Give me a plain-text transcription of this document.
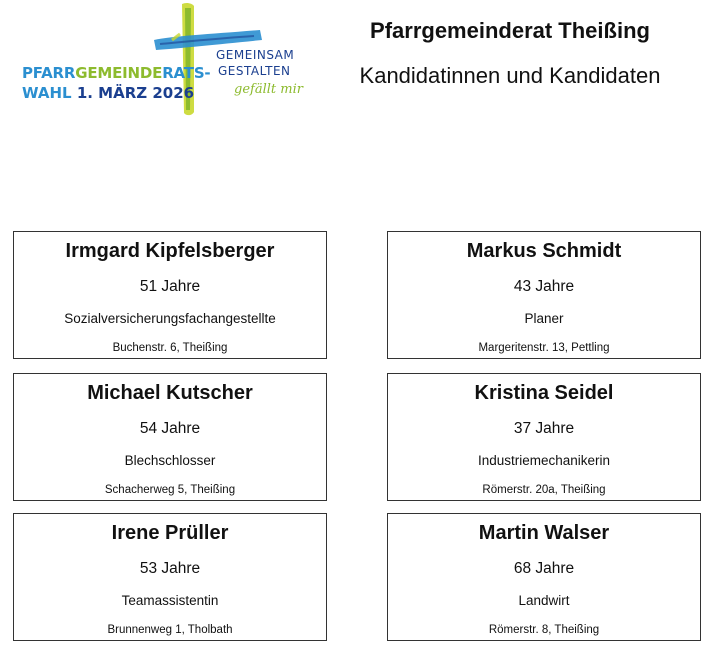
PFARRGEMEINDERATS-
WAHL 1. MÄRZ 2026
GEMEINSAM
GESTALTEN
gefällt mir
Pfarrgemeinderat Theißing
Kandidatinnen und Kandidaten
Irmgard Kipfelsberger
51 Jahre
Sozialversicherungsfachangestellte
Buchenstr. 6, Theißing
Markus Schmidt
43 Jahre
Planer
Margeritenstr. 13, Pettling
Michael Kutscher
54 Jahre
Blechschlosser
Schacherweg 5, Theißing
Kristina Seidel
37 Jahre
Industriemechanikerin
Römerstr. 20a, Theißing
Irene Prüller
53 Jahre
Teamassistentin
Brunnenweg 1, Tholbath
Martin Walser
68 Jahre
Landwirt
Römerstr. 8, Theißing
